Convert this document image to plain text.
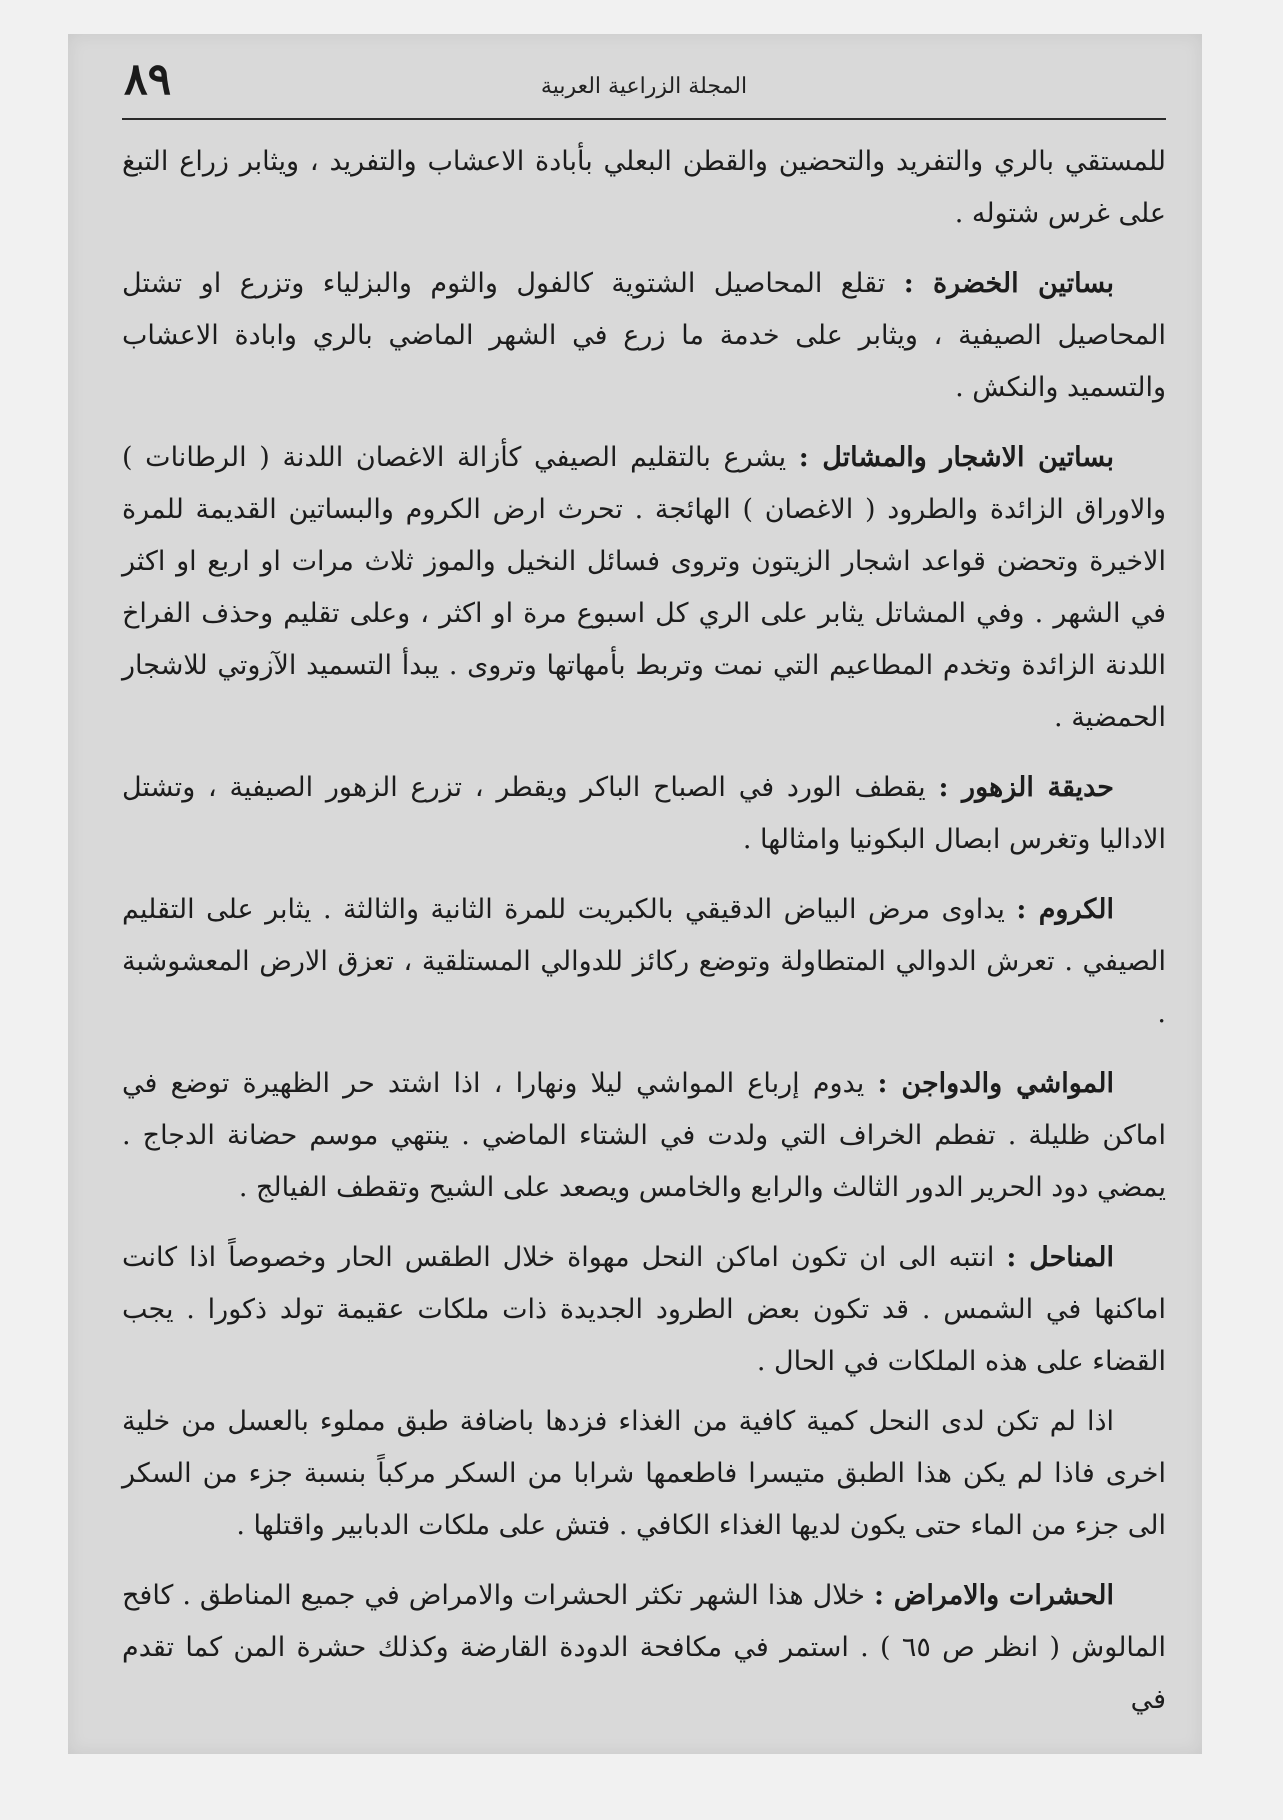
٨٩	المجلة الزراعية العربية

للمستقي بالري والتفريد والتحضين والقطن البعلي بأبادة الاعشاب والتفريد ، ويثابر زراع التبغ على غرس شتوله .

بساتين الخضرة : تقلع المحاصيل الشتوية كالفول والثوم والبزلياء وتزرع او تشتل المحاصيل الصيفية ، ويثابر على خدمة ما زرع في الشهر الماضي بالري وابادة الاعشاب والتسميد والنكش .

بساتين الاشجار والمشاتل : يشرع بالتقليم الصيفي كأزالة الاغصان اللدنة ( الرطانات ) والاوراق الزائدة والطرود ( الاغصان ) الهائجة . تحرث ارض الكروم والبساتين القديمة للمرة الاخيرة وتحضن قواعد اشجار الزيتون وتروى فسائل النخيل والموز ثلاث مرات او اربع او اكثر في الشهر . وفي المشاتل يثابر على الري كل اسبوع مرة او اكثر ، وعلى تقليم وحذف الفراخ اللدنة الزائدة وتخدم المطاعيم التي نمت وتربط بأمهاتها وتروى . يبدأ التسميد الآزوتي للاشجار الحمضية .

حديقة الزهور : يقطف الورد في الصباح الباكر ويقطر ، تزرع الزهور الصيفية ، وتشتل الاداليا وتغرس ابصال البكونيا وامثالها .

الكروم : يداوى مرض البياض الدقيقي بالكبريت للمرة الثانية والثالثة . يثابر على التقليم الصيفي . تعرش الدوالي المتطاولة وتوضع ركائز للدوالي المستلقية ، تعزق الارض المعشوشبة .

المواشي والدواجن : يدوم إرباع المواشي ليلا ونهارا ، اذا اشتد حر الظهيرة توضع في اماكن ظليلة . تفطم الخراف التي ولدت في الشتاء الماضي . ينتهي موسم حضانة الدجاج . يمضي دود الحرير الدور الثالث والرابع والخامس ويصعد على الشيح وتقطف الفيالج .

المناحل : انتبه الى ان تكون اماكن النحل مهواة خلال الطقس الحار وخصوصاً اذا كانت اماكنها في الشمس . قد تكون بعض الطرود الجديدة ذات ملكات عقيمة تولد ذكورا . يجب القضاء على هذه الملكات في الحال .

اذا لم تكن لدى النحل كمية كافية من الغذاء فزدها باضافة طبق مملوء بالعسل من خلية اخرى فاذا لم يكن هذا الطبق متيسرا فاطعمها شرابا من السكر مركباً بنسبة جزء من السكر الى جزء من الماء حتى يكون لديها الغذاء الكافي . فتش على ملكات الدبابير واقتلها .

الحشرات والامراض : خلال هذا الشهر تكثر الحشرات والامراض في جميع المناطق . كافح المالوش ( انظر ص ٦٥ ) . استمر في مكافحة الدودة القارضة وكذلك حشرة المن كما تقدم في
